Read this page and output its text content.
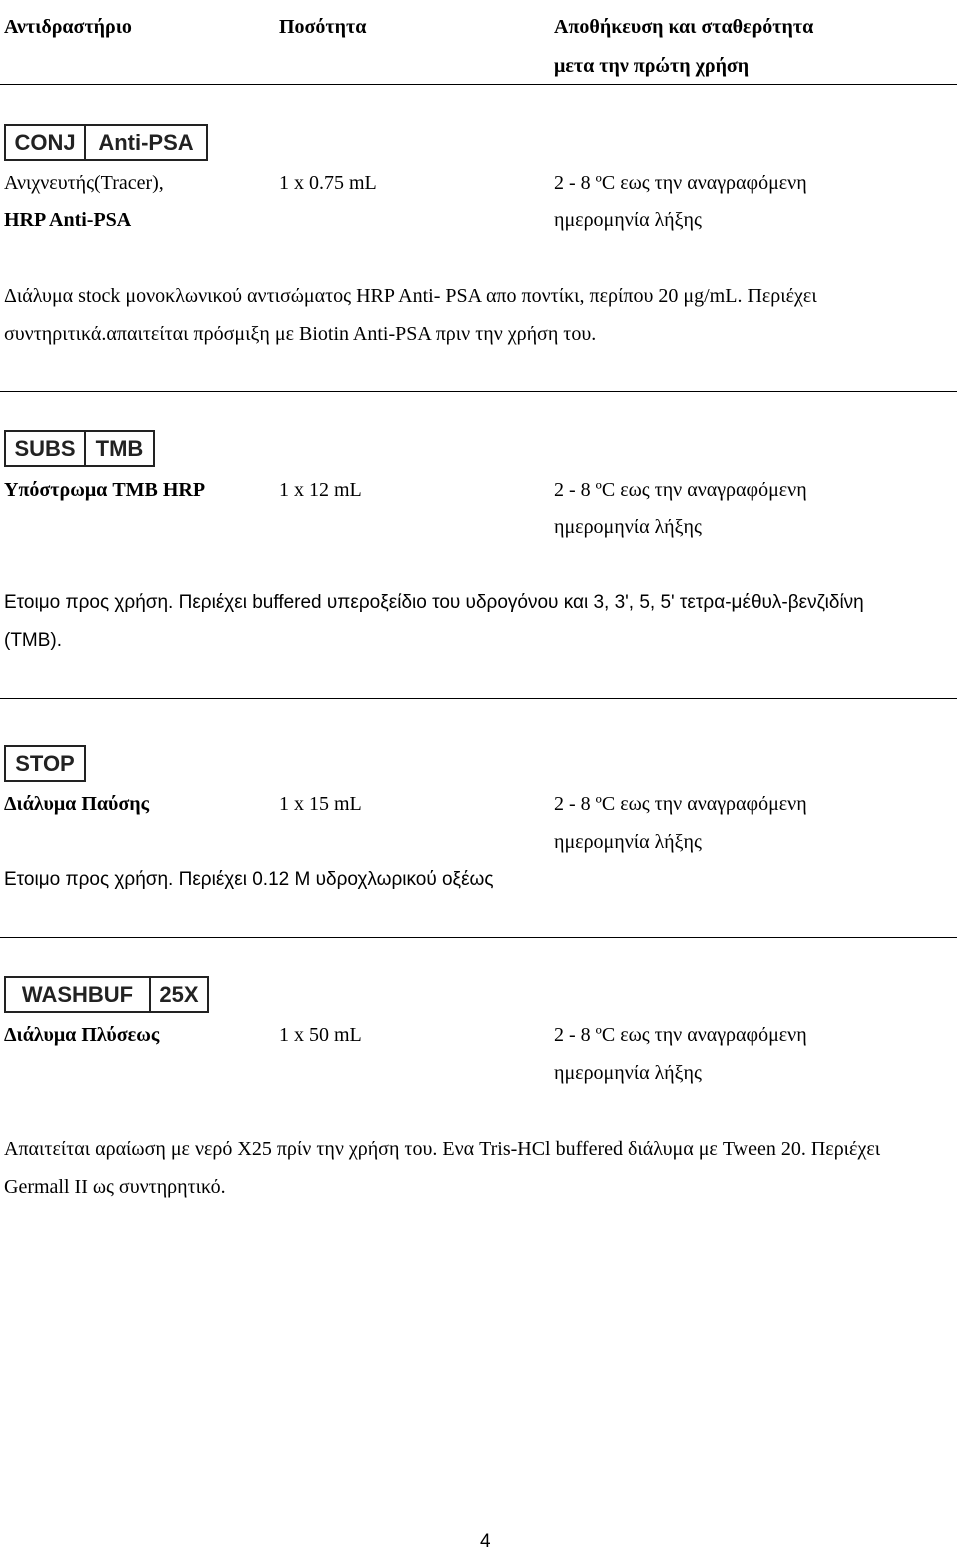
Αντιδραστήριο	Ποσότητα	Αποθήκευση και σταθερότητα
μετα την πρώτη χρήση
CONJ	Anti-PSA
Ανιχνευτής(Tracer),
HRP Anti-PSA
1 x 0.75 mL	2 - 8 ºC εως την αναγραφόμενη
ημερομηνία λήξης
Διάλυμα stock μονοκλωνικού αντισώματος HRP Anti- PSA απο ποντίκι, περίπου 20 μg/mL. Περιέχει
συντηριτικά.απαιτείται πρόσμιξη με Biotin Anti-PSA πριν την χρήση του.
SUBS TMB
Υπόστρωμα TMB HRP	1 x 12 mL	2 - 8 ºC εως την αναγραφόμενη
ημερομηνία λήξης
Ετοιμο προς χρήση. Περιέχει buffered υπεροξείδιο του υδρογόνου και 3, 3', 5, 5' τετρα-μέθυλ-βενζιδίνη
(TMB).
STOP
Διάλυμα Παύσης	1 x 15 mL	2 - 8 ºC εως την αναγραφόμενη
ημερομηνία λήξης
Ετοιμο προς χρήση. Περιέχει 0.12 Μ υδροχλωρικού οξέως
WASHBUF	25X
Διάλυμα Πλύσεως	1 x 50 mL	2 - 8 ºC εως την αναγραφόμενη
ημερομηνία λήξης
Απαιτείται αραίωση με νερό X25 πρίν την χρήση του. Ενα Tris-HCl buffered διάλυμα με Tween 20. Περιέχει
Germall II ως συντηρητικό.
4
